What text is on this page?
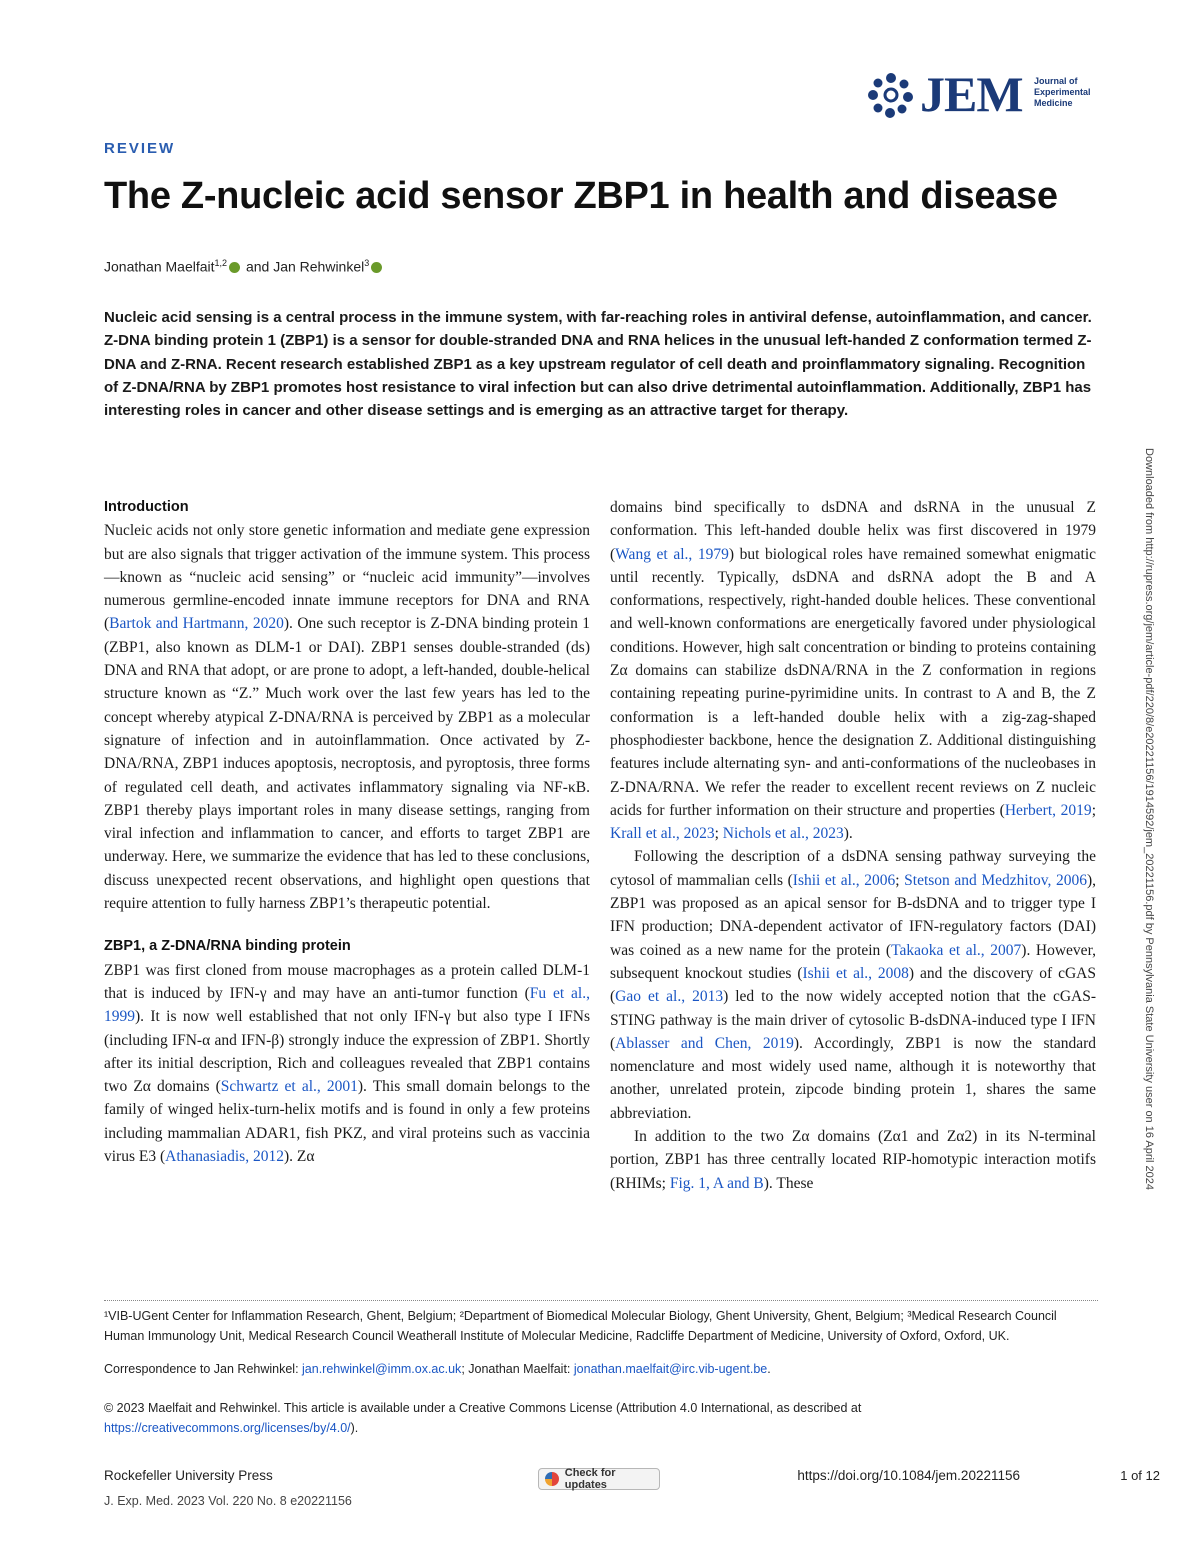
JEM Journal of
Experimental
Medicine
REVIEW
The Z-nucleic acid sensor ZBP1 in health and disease
Jonathan Maelfait$^{1,2}$ and Jan Rehwinkel$^3$

Nucleic acid sensing is a central process in the immune system, with far-reaching roles in antiviral defense, autoinflammation, and cancer. Z-DNA binding protein 1 (ZBP1) is a sensor for double-stranded DNA and RNA helices in the unusual left-handed Z conformation termed Z-DNA and Z-RNA. Recent research established ZBP1 as a key upstream regulator of cell death and proinflammatory signaling. Recognition of Z-DNA/RNA by ZBP1 promotes host resistance to viral infection but can also drive detrimental autoinflammation. Additionally, ZBP1 has interesting roles in cancer and other disease settings and is emerging as an attractive target for therapy.

Downloaded from http://rupress.org/jem/article-pdf/220/8/e20221156/1914592/jem_20221156.pdf by Pennsylvania State University user on 16 April 2024
Introduction

Nucleic acids not only store genetic information and mediate gene expression but are also signals that trigger activation of the immune system. This process—known as “nucleic acid sensing” or “nucleic acid immunity”—involves numerous germline-encoded innate immune receptors for DNA and RNA (Bartok and Hartmann, 2020). One such receptor is Z-DNA binding protein 1 (ZBP1, also known as DLM-1 or DAI). ZBP1 senses double-stranded (ds) DNA and RNA that adopt, or are prone to adopt, a left-handed, double-helical structure known as “Z.” Much work over the last few years has led to the concept whereby atypical Z-DNA/RNA is perceived by ZBP1 as a molecular signature of infection and in autoinflammation. Once activated by Z-DNA/RNA, ZBP1 induces apoptosis, necroptosis, and pyroptosis, three forms of regulated cell death, and activates inflammatory signaling via NF-κB. ZBP1 thereby plays important roles in many disease settings, ranging from viral infection and inflammation to cancer, and efforts to target ZBP1 are underway. Here, we summarize the evidence that has led to these conclusions, discuss unexpected recent observations, and highlight open questions that require attention to fully harness ZBP1’s therapeutic potential.

ZBP1, a Z-DNA/RNA binding protein

ZBP1 was first cloned from mouse macrophages as a protein called DLM-1 that is induced by IFN-γ and may have an anti-tumor function (Fu et al., 1999). It is now well established that not only IFN-γ but also type I IFNs (including IFN-α and IFN-β) strongly induce the expression of ZBP1. Shortly after its initial description, Rich and colleagues revealed that ZBP1 contains two Zα domains (Schwartz et al., 2001). This small domain belongs to the family of winged helix-turn-helix motifs and is found in only a few proteins including mammalian ADAR1, fish PKZ, and viral proteins such as vaccinia virus E3 (Athanasiadis, 2012). Zα

domains bind specifically to dsDNA and dsRNA in the unusual Z conformation. This left-handed double helix was first discovered in 1979 (Wang et al., 1979) but biological roles have remained somewhat enigmatic until recently. Typically, dsDNA and dsRNA adopt the B and A conformations, respectively, right-handed double helices. These conventional and well-known conformations are energetically favored under physiological conditions. However, high salt concentration or binding to proteins containing Zα domains can stabilize dsDNA/RNA in the Z conformation in regions containing repeating purine-pyrimidine units. In contrast to A and B, the Z conformation is a left-handed double helix with a zig-zag-shaped phosphodiester backbone, hence the designation Z. Additional distinguishing features include alternating syn- and anti-conformations of the nucleobases in Z-DNA/RNA. We refer the reader to excellent recent reviews on Z nucleic acids for further information on their structure and properties (Herbert, 2019; Krall et al., 2023; Nichols et al., 2023).

Following the description of a dsDNA sensing pathway surveying the cytosol of mammalian cells (Ishii et al., 2006; Stetson and Medzhitov, 2006), ZBP1 was proposed as an apical sensor for B-dsDNA and to trigger type I IFN production; DNA-dependent activator of IFN-regulatory factors (DAI) was coined as a new name for the protein (Takaoka et al., 2007). However, subsequent knockout studies (Ishii et al., 2008) and the discovery of cGAS (Gao et al., 2013) led to the now widely accepted notion that the cGAS-STING pathway is the main driver of cytosolic B-dsDNA-induced type I IFN (Ablasser and Chen, 2019). Accordingly, ZBP1 is now the standard nomenclature and most widely used name, although it is noteworthy that another, unrelated protein, zipcode binding protein 1, shares the same abbreviation.

In addition to the two Zα domains (Zα1 and Zα2) in its N-terminal portion, ZBP1 has three centrally located RIP-homotypic interaction motifs (RHIMs; Fig. 1, A and B). These

¹VIB-UGent Center for Inflammation Research, Ghent, Belgium; ²Department of Biomedical Molecular Biology, Ghent University, Ghent, Belgium; ³Medical Research Council Human Immunology Unit, Medical Research Council Weatherall Institute of Molecular Medicine, Radcliffe Department of Medicine, University of Oxford, Oxford, UK.

Correspondence to Jan Rehwinkel: jan.rehwinkel@imm.ox.ac.uk; Jonathan Maelfait: jonathan.maelfait@irc.vib-ugent.be.

© 2023 Maelfait and Rehwinkel. This article is available under a Creative Commons License (Attribution 4.0 International, as described at https://creativecommons.org/licenses/by/4.0/).

Rockefeller University Press
J. Exp. Med. 2023 Vol. 220 No. 8 e20221156
Check for updates
https://doi.org/10.1084/jem.20221156	1 of 12
